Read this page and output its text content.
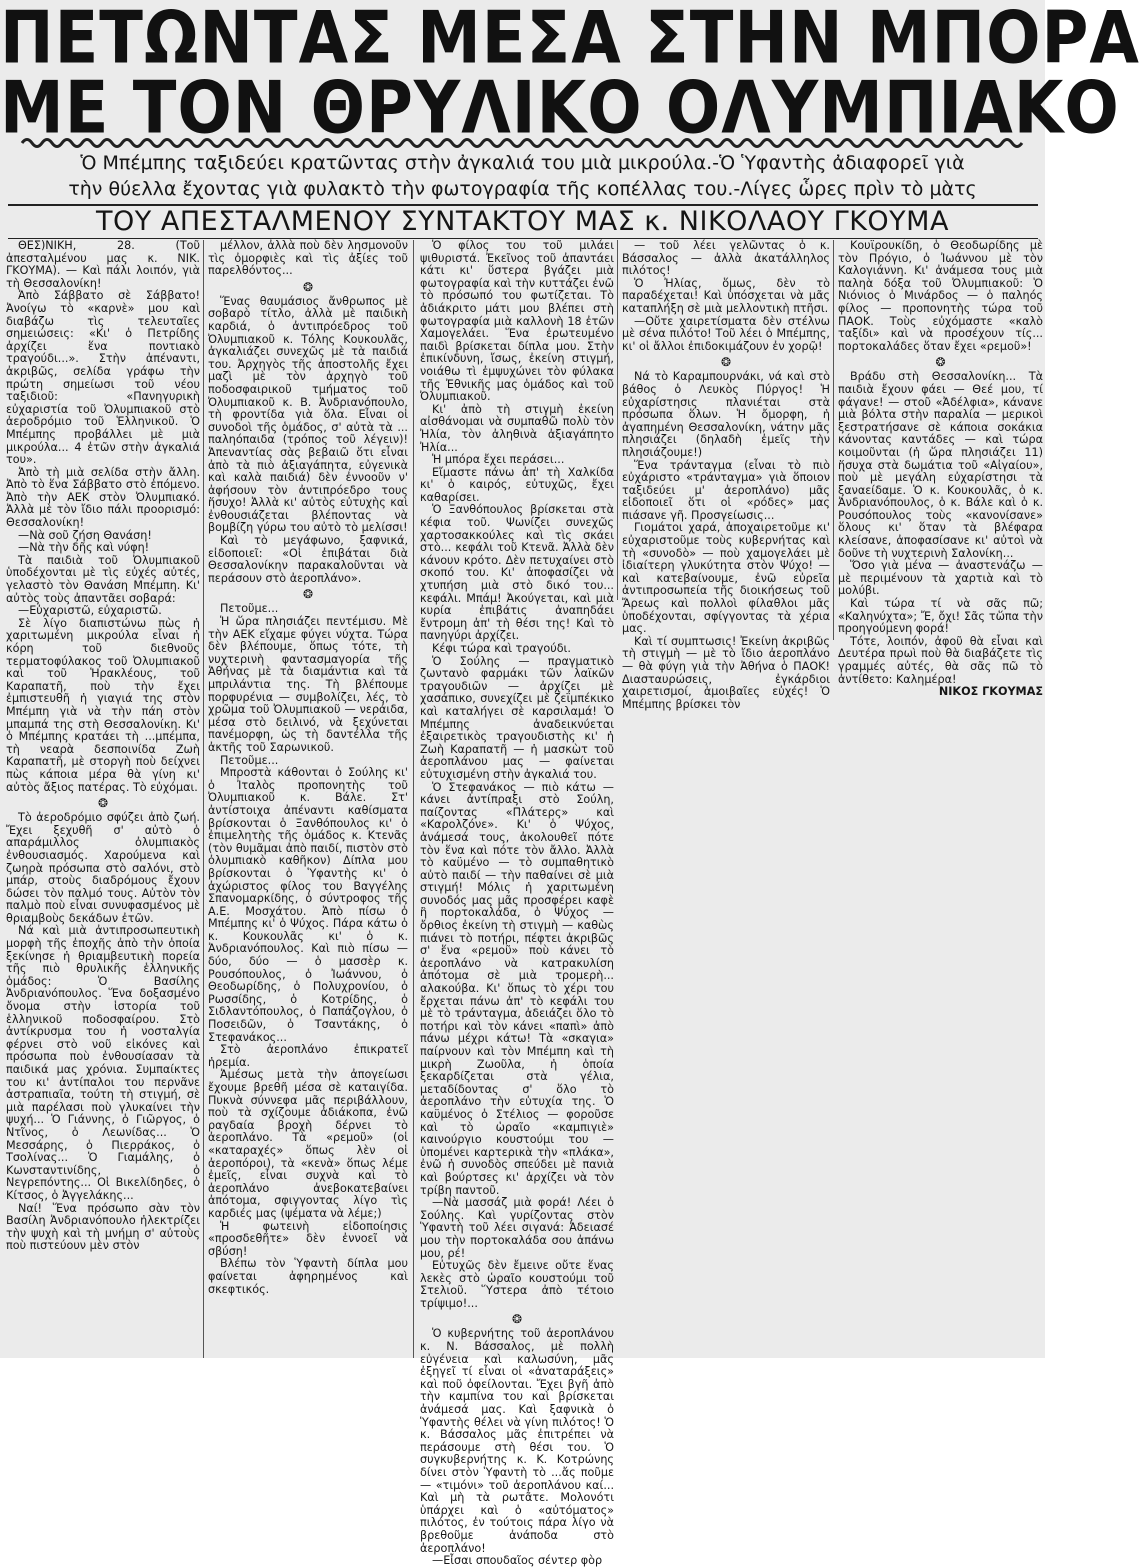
ΠΕΤΩΝΤΑΣ ΜΕΣΑ ΣΤΗΝ ΜΠΟΡΑ
ΜΕ ΤΟΝ ΘΡΥΛΙΚΟ ΟΛΥΜΠΙΑΚΟ
Ὁ Μπέμπης ταξιδεύει κρατῶντας στὴν ἀγκαλιά του μιὰ μικρούλα.-Ὁ Ὑφαντὴς ἀδιαφορεῖ γιὰ
τὴν θύελλα ἔχοντας γιὰ φυλακτὸ τὴν φωτογραφία τῆς κοπέλλας του.-Λίγες ὧρες πρὶν τὸ μὰτς
ΤΟΥ ΑΠΕΣΤΑΛΜΕΝΟΥ ΣΥΝΤΑΚΤΟΥ ΜΑΣ κ. ΝΙΚΟΛΑΟΥ ΓΚΟΥΜΑ

ΘΕΣ)ΝΙΚΗ, 28. (Τοῦ ἀπεσταλμένου μας κ. ΝΙΚ. ΓΚΟΥΜΑ). — Καὶ πάλι λοιπόν, γιὰ τὴ Θεσσαλονίκη!

Ἀπὸ Σάββατο σὲ Σάββατο! Ἀνοίγω τὸ «καρνὲ» μου καὶ διαβάζω τὶς τελευταῖες σημειώσεις: «Κι' ὁ Πετρίδης ἀρχίζει ἕνα ποντιακὸ τραγούδι...». Στὴν ἀπέναντι, ἀκριβῶς, σελίδα γράφω τὴν πρώτη σημείωσι τοῦ νέου ταξιδιοῦ: «Πανηγυρικὴ εὐχαριστία τοῦ Ὀλυμπιακοῦ στὸ ἀεροδρόμιο τοῦ Ἑλληνικοῦ. Ὁ Μπέμπης προβάλλει μὲ μιὰ μικρούλα... 4 ἐτῶν στὴν ἀγκαλιά του».

Ἀπὸ τὴ μιὰ σελίδα στὴν ἄλλη. Ἀπὸ τὸ ἕνα Σάββατο στὸ ἑπόμενο. Ἀπὸ τὴν ΑΕΚ στὸν Ὀλυμπιακό. Ἀλλὰ μὲ τὸν ἴδιο πάλι προορισμό: Θεσσαλονίκη!

—Νὰ σοῦ ζήση Θανάση!

—Νὰ τὴν δῆς καὶ νύφη!

Τὰ παιδιὰ τοῦ Ὀλυμπιακοῦ ὑποδέχονται μὲ τὶς εὐχές αὐτές, γελαστὸ τὸν Θανάση Μπέμπη. Κι' αὐτὸς τοὺς ἀπαντᾶει σοβαρά:

—Εὐχαριστῶ, εὐχαριστῶ.

Σὲ λίγο διαπιστώνω πὼς ἡ χαριτωμένη μικρούλα εἶναι ἡ κόρη τοῦ διεθνοῦς τερματοφύλακος τοῦ Ὀλυμπιακοῦ καὶ τοῦ Ἡρακλέους, τοῦ Καραπατῆ, ποὺ τὴν ἔχει ἐμπιστευθῆ ἡ γιαγιά της στὸν Μπέμπη γιὰ νὰ τὴν πάη στὸν μπαμπά της στὴ Θεσσαλονίκη. Κι' ὁ Μπέμπης κρατάει τὴ ...μπέμπα, τὴ νεαρὰ δεσποινίδα Ζωὴ Καραπατῆ, μὲ στοργὴ ποὺ δείχνει πὼς κάποια μέρα θὰ γίνη κι' αὐτὸς ἄξιος πατέρας. Τὸ εὐχόμαι.

❂

Τὸ ἀεροδρόμιο σφύζει ἀπὸ ζωή. Ἔχει ξεχυθῆ σ' αὐτὸ ὁ απαράμιλλος ὀλυμπιακὸς ἐνθουσιασμός. Χαρούμενα καὶ ζωηρὰ πρόσωπα στὸ σαλόνι, στὸ μπάρ, στοὺς διαδρόμους ἔχουν δώσει τὸν παλμό τους. Αὐτὸν τὸν παλμὸ ποὺ εἶναι συνυφασμένος μὲ θριαμβοὺς δεκάδων ἐτῶν.

Νά καὶ μιὰ ἀντιπροσωπευτικὴ μορφὴ τῆς ἐποχῆς ἀπὸ τὴν ὁποία ξεκίνησε ἡ θριαμβευτικὴ πορεία τῆς πιὸ θρυλικῆς ἑλληνικῆς ὁμάδος: Ὁ Βασίλης Ἀνδριανόπουλος. Ἕνα δοξασμένο ὄνομα στὴν ἱστορία τοῦ ἑλληνικοῦ ποδοσφαίρου. Στὸ ἀντίκρυσμα του ἡ νοσταλγία φέρνει στὸ νοῦ εἰκόνες καὶ πρόσωπα ποὺ ἐνθουσίασαν τὰ παιδικά μας χρόνια. Συμπαίκτες του κι' ἀντίπαλοι του περνᾶνε ἀστραπιαῖα, τούτη τὴ στιγμή, σὲ μιὰ παρέλασι ποὺ γλυκαίνει τὴν ψυχή... Ὁ Γιάννης, ὁ Γιῶργος, ὁ Ντῖνος, ὁ Λεωνίδας... Ὁ Μεσσάρης, ὁ Πιερράκος, ὁ Τσολίνας... Ὁ Γιαμάλης, ὁ Κωνσταντινίδης, ὁ Νεγρεπόντης... Οἱ Βικελίδηδες, ὁ Κίτσος, ὁ Ἀγγελάκης...

Ναί! Ἕνα πρόσωπο σὰν τὸν Βασίλη Ἀνδριανόπουλο ἠλεκτρίζει τὴν ψυχὴ καὶ τὴ μνήμη σ' αὐτοὺς ποὺ πιστεύουν μὲν στὸν

μέλλον, ἀλλὰ ποὺ δὲν λησμονοῦν τὶς ὀμορφιὲς καὶ τὶς ἀξίες τοῦ παρελθόντος...

❂

Ἕνας θαυμάσιος ἄνθρωπος μὲ σοβαρὸ τίτλο, ἀλλὰ μὲ παιδικὴ καρδιά, ὁ ἀντιπρόεδρος τοῦ Ὀλυμπιακοῦ κ. Τόλης Κουκουλᾶς, ἀγκαλιάζει συνεχῶς μὲ τὰ παιδιά του. Ἀρχηγὸς τῆς ἀποστολῆς ἔχει μαζὶ μὲ τὸν ἀρχηγὸ τοῦ ποδοσφαιρικοῦ τμήματος τοῦ Ὀλυμπιακοῦ κ. Β. Ἀνδριανόπουλο, τὴ φροντίδα γιὰ ὅλα. Εἶναι οἱ συνοδοὶ τῆς ὁμάδος, σ' αὐτὰ τὰ ... παληόπαιδα (τρόπος τοῦ λέγειν)! Ἀπεναντίας σὰς βεβαιῶ ὅτι εἶναι ἀπὸ τὰ πιὸ ἀξιαγάπητα, εὐγενικὰ καὶ καλὰ παιδιά) δὲν ἐννοοῦν ν' ἀφήσουν τὸν ἀντιπρόεδρο τους ἥσυχο! Ἀλλὰ κι' αὐτὸς εὐτυχὴς καὶ ἐνθουσιάζεται βλέποντας νὰ βομβίζη γύρω του αὐτὸ τὸ μελίσσι!

Καὶ τὸ μεγάφωνο, ξαφνικά, εἰδοποιεῖ: «Οἱ ἐπιβάται διὰ Θεσσαλονίκην παρακαλοῦνται νὰ περάσουν στὸ ἀεροπλάνο».

❂

Πετοῦμε...

Ἡ ὥρα πλησιάζει πεντέμισυ. Μὲ τὴν ΑΕΚ εἴχαμε φύγει νύχτα. Τώρα δὲν βλέπουμε, ὅπως τότε, τὴ νυχτερινὴ φαντασμαγορία τῆς Ἀθήνας μὲ τὰ διαμάντια καὶ τὰ μπριλάντια της. Τὴ βλέπουμε πορφυρένια — συμβολίζει, λές, τὸ χρῶμα τοῦ Ὀλυμπιακοῦ — νεράιδα, μέσα στὸ δειλινό, νὰ ξεχύνεται πανέμορφη, ὡς τὴ δαντέλλα τῆς ἀκτῆς τοῦ Σαρωνικοῦ.

Πετοῦμε...

Μπροστὰ κάθονται ὁ Σούλης κι' ὁ Ἰταλὸς προπονητὴς τοῦ Ὀλυμπιακοῦ κ. Βάλε. Στ' ἀντίστοιχα ἀπέναντι καθίσματα βρίσκονται ὁ Ξανθόπουλος κι' ὁ ἐπιμελητὴς τῆς ὁμάδος κ. Κτενᾶς (τὸν θυμᾶμαι ἀπὸ παιδί, πιστὸν στὸ ὀλυμπιακὸ καθῆκον) Δίπλα μου βρίσκονται ὁ Ὑφαντὴς κι' ὁ ἀχώριστος φίλος του Βαγγέλης Σπανομαρκίδης, ὁ σύντροφος τῆς Α.Ε. Μοσχάτου. Ἀπὸ πίσω ὁ Μπέμπης κι' ὁ Ψύχος. Πάρα κάτω ὁ κ. Κουκουλᾶς κι' ὁ κ. Ἀνδριανόπουλος. Καὶ πιὸ πίσω — δύο, δύο — ὁ μασσὲρ κ. Ρουσόπουλος, ὁ Ἰωάννου, ὁ Θεοδωρίδης, ὁ Πολυχρονίου, ὁ Ρωσσίδης, ὁ Κοτρίδης, ὁ Σιδλαντόπουλος, ὁ Παπάζογλου, ὁ Ποσειδῶν, ὁ Τσαντάκης, ὁ Στεφανάκος...

Στὸ ἀεροπλάνο ἐπικρατεῖ ἠρεμία.

Ἀμέσως μετὰ τὴν ἀπογείωσι ἔχουμε βρεθῆ μέσα σὲ καταιγίδα. Πυκνὰ σύννεφα μᾶς περιβάλλουν, ποὺ τὰ σχίζουμε ἀδιάκοπα, ἐνῶ ραγδαία βροχὴ δέρνει τὸ ἀεροπλάνο. Τὰ «ρεμοῦ» (οἱ «καταραχές» ὅπως λὲν οἱ ἀεροπόροι), τὰ «κενὰ» ὅπως λέμε ἐμεῖς, εἶναι συχνὰ καὶ τὸ ἀεροπλάνο ἀνεβοκατεβαίνει ἀπότομα, σφιγγοντας λίγο τὶς καρδιές μας (ψέματα νὰ λέμε;)

Ἡ φωτεινὴ εἰδοποίησις «προσδεθῆτε» δὲν ἐννοεῖ νὰ σβύση!

Βλέπω τὸν Ὑφαντὴ δίπλα μου φαίνεται ἀφηρημένος καὶ σκεφτικός.

Ὁ φίλος του τοῦ μιλάει ψιθυριστά. Ἐκεῖνος τοῦ ἀπαντάει κάτι κι' ὕστερα βγάζει μιὰ φωτογραφία καὶ τὴν κυττάζει ἐνῶ τὸ πρόσωπό του φωτίζεται. Τὸ ἀδιάκριτο μάτι μου βλέπει στὴ φωτογραφία μιὰ καλλονὴ 18 ἐτῶν Χαμογελάει. Ἕνα ἐρωτευμένο παιδὶ βρίσκεται δίπλα μου. Στὴν ἐπικίνδυνη, ἴσως, ἐκείνη στιγμή, νοιάθω τὶ ἐμψυχώνει τὸν φύλακα τῆς Ἐθνικῆς μας ὁμάδος καὶ τοῦ Ὀλυμπιακοῦ.

Κι' ἀπὸ τὴ στιγμὴ ἐκείνη αἰσθάνομαι νὰ συμπαθῶ πολὺ τὸν Ἠλία, τὸν ἀληθινὰ ἀξιαγάπητο Ἠλία...

Ἡ μπόρα ἔχει περάσει...

Εἴμαστε πάνω ἀπ' τὴ Χαλκίδα κι' ὁ καιρός, εὐτυχῶς, ἔχει καθαρίσει.

Ὁ Ξανθόπουλος βρίσκεται στὰ κέφια τοῦ. Ψωνίζει συνεχῶς χαρτοσακκούλες καὶ τὶς σκάει στὸ... κεφάλι τοῦ Κτενᾶ. Ἀλλὰ δὲν κάνουν κρότο. Δὲν πετυχαίνει στὸ σκοπό του. Κι' ἀποφασίζει νὰ χτυπήση μιὰ στὸ δικό του... κεφάλι. Μπάμ! Ἀκούγεται, καὶ μιὰ κυρία ἐπιβάτις ἀναπηδάει ἔντρομη ἀπ' τὴ θέσι της! Καὶ τὸ πανηγύρι ἀρχίζει.

Κέφι τώρα καὶ τραγούδι.

Ὁ Σούλης — πραγματικὸ ζωντανὸ φαρμάκι τῶν λαϊκῶν τραγουδιῶν — ἀρχίζει μὲ χασάπικο, συνεχίζει μὲ ζεϊμπέκικο καὶ καταλήγει σὲ καρσιλαμά! Ὁ Μπέμπης ἀναδεικνύεται ἐξαιρετικὸς τραγουδιστὴς κι' ἡ Ζωὴ Καραπατῆ — ἡ μασκὼτ τοῦ ἀεροπλάνου μας — φαίνεται εὐτυχισμένη στὴν ἀγκαλιά του.

Ὁ Στεφανάκος — πιὸ κάτω — κάνει ἀντίπραξι στὸ Σούλη, παίζοντας «Πλάτερς» καὶ «Καρολζόνε». Κι' ὁ Ψύχος, ἀνάμεσά τους, ἀκολουθεῖ πότε τὸν ἕνα καὶ πότε τὸν ἄλλο. Ἀλλὰ τὸ καϋμένο — τὸ συμπαθητικὸ αὐτὸ παιδί — τὴν παθαίνει σὲ μιὰ στιγμή! Μόλις ἡ χαριτωμένη συνοδός μας μᾶς προσφέρει καφὲ ἢ πορτοκαλάδα, ὁ Ψύχος — ὄρθιος ἐκείνη τὴ στιγμὴ — καθὼς πιάνει τὸ ποτήρι, πέφτει ἀκριβῶς σ' ἕνα «ρεμοῦ» ποὺ κάνει τὸ ἀεροπλάνο νὰ κατρακυλίση ἀπότομα σὲ μιὰ τρομερὴ... αλακούβα. Κι' ὅπως τὸ χέρι του ἔρχεται πάνω ἀπ' τὸ κεφάλι του μὲ τὸ τράνταγμα, ἀδειάζει ὅλο τὸ ποτήρι καὶ τὸν κάνει «παπὶ» ἀπὸ πάνω μέχρι κάτω! Τὰ «σκαγια» παίρνουν καὶ τὸν Μπέμπη καὶ τὴ μικρὴ Ζωοῦλα, ἡ ὁποία ξεκαρδίζεται στὰ γέλια, μεταδίδοντας σ' ὅλο τὸ ἀεροπλάνο τὴν εὐτυχία της. Ὁ καϋμένος ὁ Στέλιος — φοροῦσε καὶ τὸ ὡραῖο «καμπιγιὲ» καινούργιο κουστούμι του — ὑπομένει καρτερικὰ τὴν «πλάκα», ἐνῶ ἡ συνοδὸς σπεύδει μὲ πανιὰ καὶ βούρτσες κι' ἀρχίζει νὰ τὸν τρίβη παντοῦ.

—Νὰ μασσάζ μιὰ φορά! Λέει ὁ Σούλης. Καὶ γυρίζοντας στὸν Ὑφαντὴ τοῦ λέει σιγανά: Ἀδειασέ μου τὴν πορτοκαλάδα σου ἀπάνω μου, ρέ!

Εὐτυχῶς δὲν ἔμεινε οὔτε ἕνας λεκὲς στὸ ὡραῖο κουστούμι τοῦ Στελιοῦ. Ὕστερα ἀπὸ τέτοιο τρίψιμο!...

❂

Ὁ κυβερνήτης τοῦ ἀεροπλάνου κ. Ν. Βάσσαλος, μὲ πολλὴ εὐγένεια καὶ καλωσύνη, μᾶς ἐξηγεῖ τί εἶναι οἱ «ἀναταράξεις» καὶ ποῦ ὀφείλονται. Ἔχει βγῆ ἀπὸ τὴν καμπίνα του καὶ βρίσκεται ἀνάμεσά μας. Καὶ ξαφνικὰ ὁ Ὑφαντὴς θέλει νὰ γίνη πιλότος! Ὁ κ. Βάσσαλος μᾶς ἐπιτρέπει νὰ περάσουμε στὴ θέσι του. Ὁ συγκυβερνήτης κ. Κ. Κοτρώνης δίνει στὸν Ὑφαντὴ τὸ ...ἄς ποῦμε — «τιμόνι» τοῦ ἀεροπλάνου καί... Καὶ μὴ τὰ ρωτᾶτε. Μολονότι ὑπάρχει καὶ ὁ «αὐτόματος» πιλότος, ἐν τούτοις πάρα λίγο νὰ βρεθοῦμε ἀνάποδα στὸ ἀεροπλάνο!

—Εἶσαι σπουδαῖος σέντερ φὸρ

— τοῦ λέει γελῶντας ὁ κ. Βάσσαλος — ἀλλὰ ἀκατάλληλος πιλότος!

Ὁ Ἠλίας, ὅμως, δὲν τὸ παραδέχεται! Καὶ ὑπόσχεται νὰ μᾶς καταπλήξη σὲ μιὰ μελλοντικὴ πτῆσι.

—Οὔτε χαιρετίσματα δὲν στέλνω μὲ σένα πιλότο! Τοῦ λέει ὁ Μπέμπης, κι' οἱ ἄλλοι ἐπιδοκιμάζουν ἐν χορῷ!

❂

Νά τὸ Καραμπουρνάκι, νά καὶ στὸ βάθος ὁ Λευκὸς Πύργος! Ἡ εὐχαρίστησις πλανιέται στὰ πρόσωπα ὅλων. Ἡ ὄμορφη, ἡ ἀγαπημένη Θεσσαλονίκη, νάτην μᾶς πλησιάζει (δηλαδὴ ἐμεῖς τὴν πλησιάζουμε!)

Ἕνα τράνταγμα (εἶναι τὸ πιὸ εὐχάριστο «τράνταγμα» γιὰ ὅποιον ταξιδεύει μ' ἀεροπλάνο) μᾶς εἰδοποιεῖ ὅτι οἱ «ρόδες» μας πιάσανε γῆ. Προσγείωσις...

Γιομάτοι χαρά, ἀποχαιρετοῦμε κι' εὐχαριστοῦμε τοὺς κυβερνήτας καὶ τὴ «συνοδὸ» — ποὺ χαμογελάει μὲ ἰδιαίτερη γλυκύτητα στὸν Ψύχο! — καὶ κατεβαίνουμε, ἐνῶ εὐρεῖα ἀντιπροσωπεία τῆς διοικήσεως τοῦ Ἄρεως καὶ πολλοὶ φίλαθλοι μᾶς ὑποδέχονται, σφίγγοντας τὰ χέρια μας.

Καὶ τί συμπτωσις! Ἐκείνη ἀκριβῶς τὴ στιγμὴ — μὲ τὸ ἴδιο ἀεροπλάνο — θὰ φύγη γιὰ τὴν Ἀθήνα ὁ ΠΑΟΚ! Διασταυρώσεις, ἐγκάρδιοι χαιρετισμοί, ἀμοιβαῖες εὐχές! Ὁ Μπέμπης βρίσκει τὸν

Κουϊρουκίδη, ὁ Θεοδωρίδης μὲ τὸν Πρόγιο, ὁ Ἰωάννου μὲ τὸν Καλογιάννη. Κι' ἀνάμεσα τους μιὰ παληὰ δόξα τοῦ Ὀλυμπιακοῦ: Ὁ Νιόνιος ὁ Μινάρδος — ὁ παληός φίλος — προπονητὴς τώρα τοῦ ΠΑΟΚ. Τοὺς εὐχόμαστε «καλὸ ταξίδι» καὶ νὰ προσέχουν τίς... πορτοκαλάδες ὅταν ἔχει «ρεμοῦ»!

❂

Βράδυ στὴ Θεσσαλονίκη... Τὰ παιδιὰ ἔχουν φάει — Θεέ μου, τί φάγανε! — στοῦ «Ἀδέλφια», κάνανε μιὰ βόλτα στὴν παραλία — μερικοὶ ξεστρατήσανε σὲ κάποια σοκάκια κάνοντας καντάδες — καὶ τώρα κοιμοῦνται (ἡ ὥρα πλησιάζει 11) ἥσυχα στὰ δωμάτια τοῦ «Αἰγαίου», ποὺ μὲ μεγάλη εὐχαρίστησι τὰ ξαναείδαμε. Ὁ κ. Κουκουλᾶς, ὁ κ. Ἀνδριανόπουλος, ὁ κ. Βάλε καὶ ὁ κ. Ρουσόπουλος τοὺς «κανονίσανε» ὅλους κι' ὅταν τὰ βλέφαρα κλείσανε, ἀποφασίσανε κι' αὐτοὶ νὰ δοῦνε τὴ νυχτερινὴ Σαλονίκη...

Ὅσο γιὰ μένα — ἀναστενάζω — μὲ περιμένουν τὰ χαρτιὰ καὶ τὸ μολύβι.

Καὶ τώρα τί νὰ σᾶς πῶ; «Καληνύχτα»; Ἔ, ὄχι! Σᾶς τὥπα τὴν προηγούμενη φορά!

Τότε, λοιπόν, ἀφοῦ θὰ εἶναι καὶ Δευτέρα πρωὶ ποὺ θὰ διαβάζετε τὶς γραμμές αὐτές, θὰ σᾶς πῶ τὸ ἀντίθετο: Καλημέρα!

ΝΙΚΟΣ ΓΚΟΥΜΑΣ
